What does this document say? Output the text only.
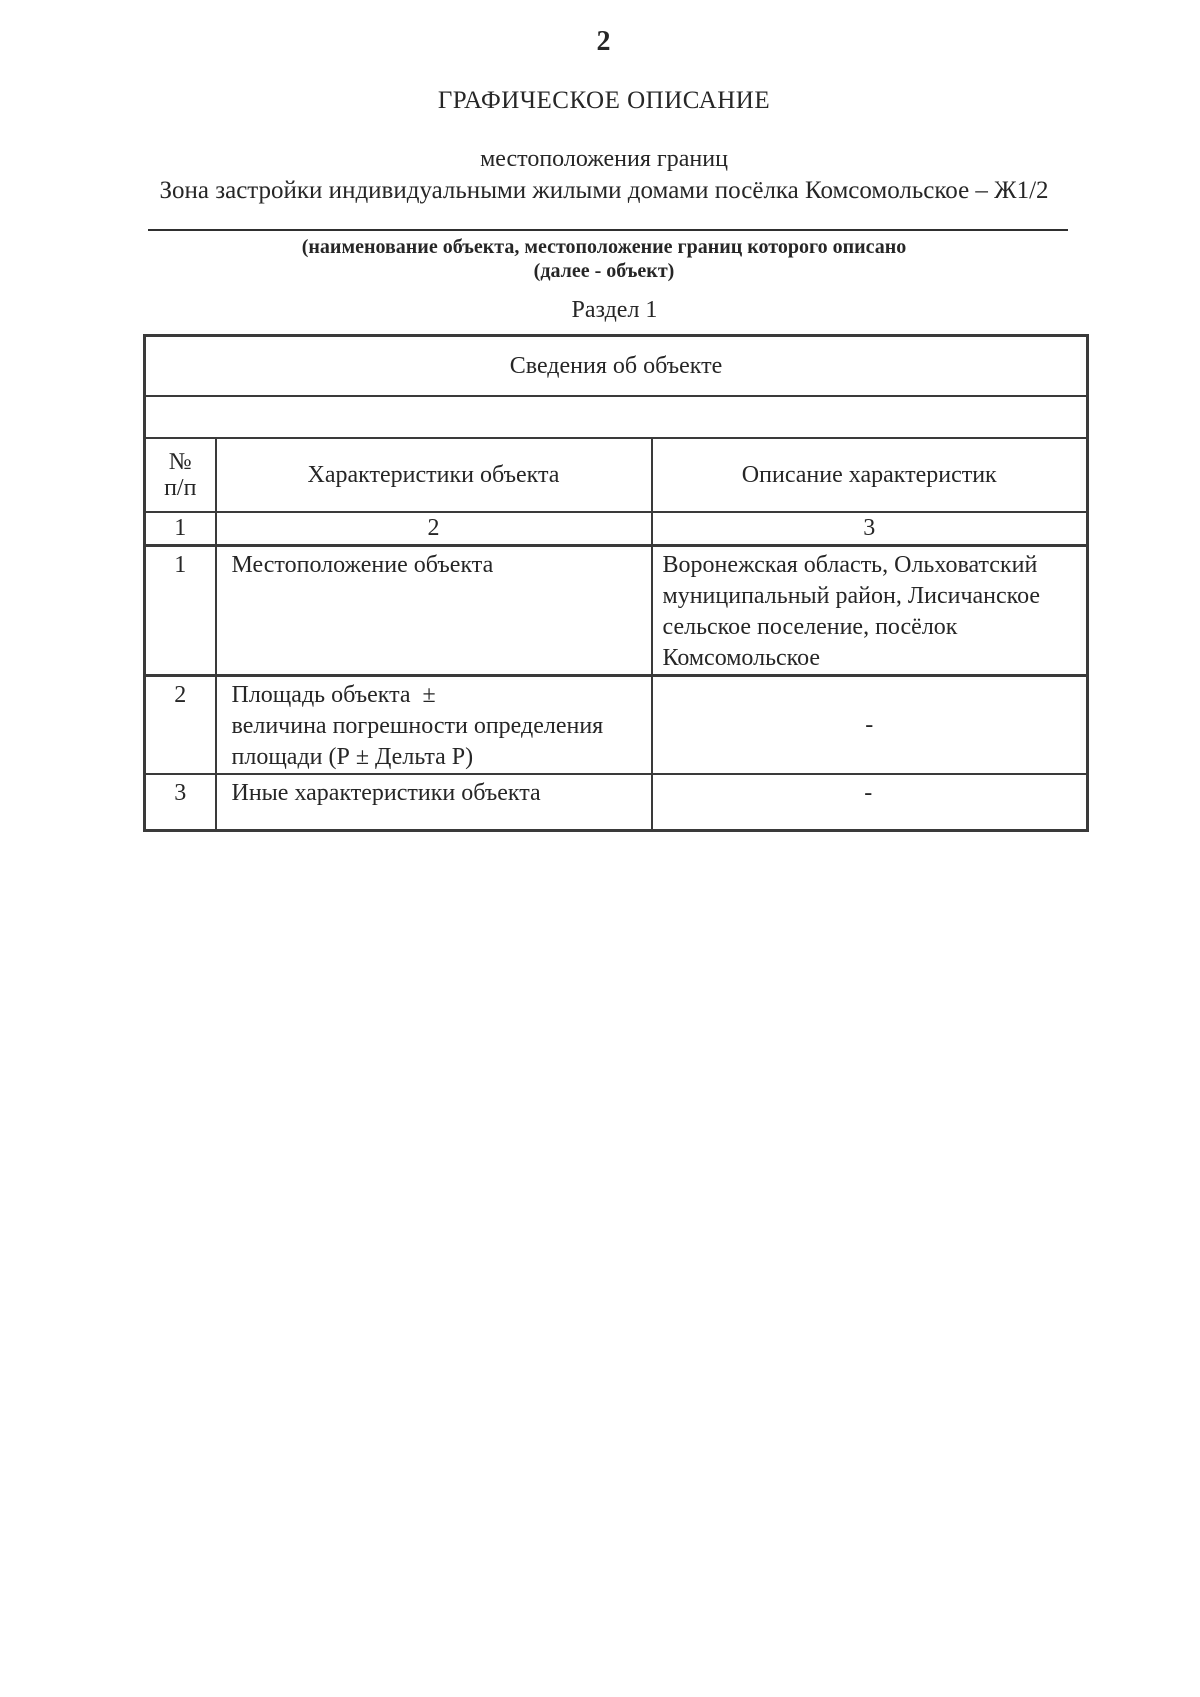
2
ГРАФИЧЕСКОЕ ОПИСАНИЕ
местоположения границ
Зона застройки индивидуальными жилыми домами посёлка Комсомольское – Ж1/2
(наименование объекта, местоположение границ которого описано
(далее - объект)
Раздел 1
Сведения об объекте		

№
п/п	Характеристики объекта	Описание характеристик
1	2	3
1	Местоположение объекта	Воронежская область, Ольховатский
муниципальный район, Лисичанское
сельское поселение, посёлок
Комсомольское

2	Площадь объекта  ±
величина погрешности определения
площади (Р ± Дельта Р)	-

3	Иные характеристики объекта	-
